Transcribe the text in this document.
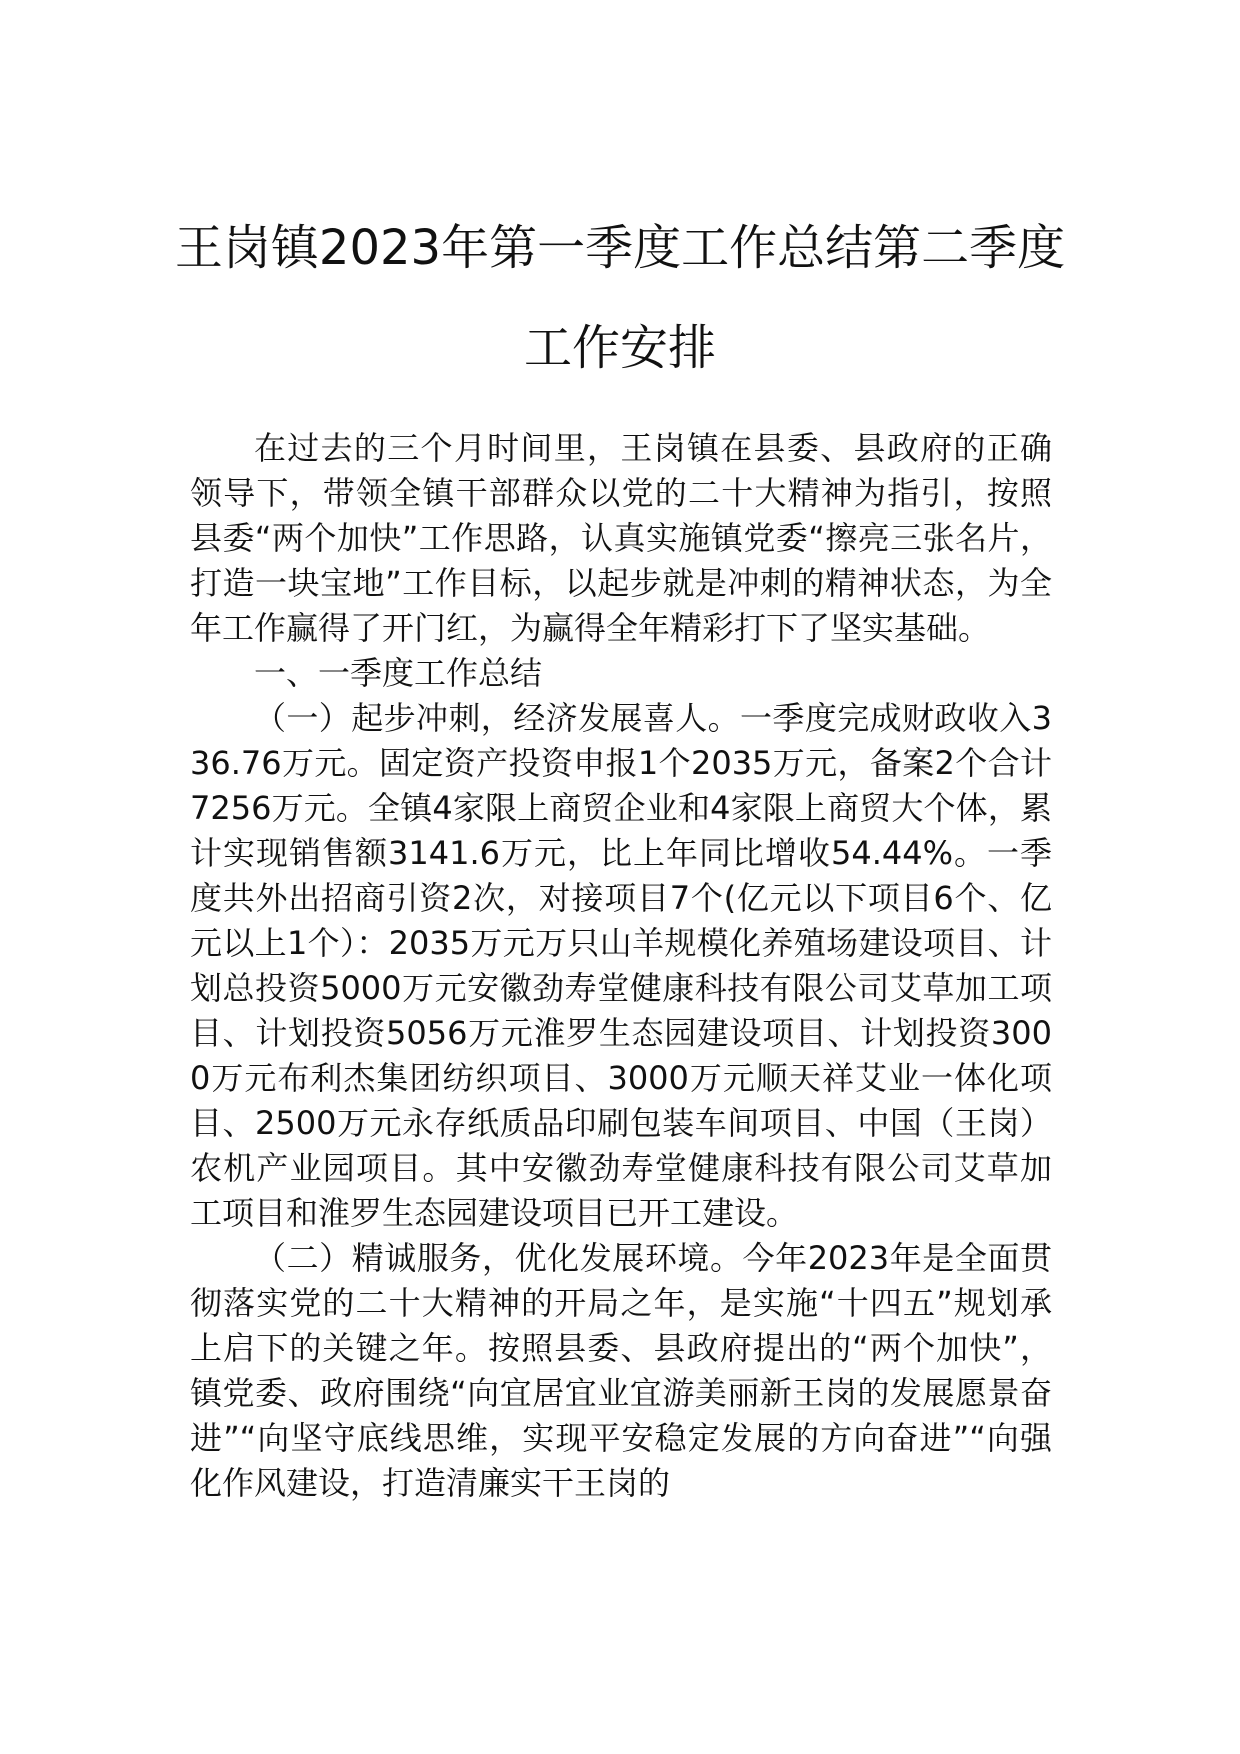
王岗镇2023年第一季度工作总结第二季度
工作安排

在过去的三个月时间里，王岗镇在县委、县政府的正确领导下，带领全镇干部群众以党的二十大精神为指引，按照县委“两个加快”工作思路，认真实施镇党委“擦亮三张名片，打造一块宝地”工作目标，以起步就是冲刺的精神状态，为全年工作赢得了开门红，为赢得全年精彩打下了坚实基础。

一、一季度工作总结

（一）起步冲刺，经济发展喜人。一季度完成财政收入336.76万元。固定资产投资申报1个2035万元，备案2个合计7256万元。全镇4家限上商贸企业和4家限上商贸大个体，累计实现销售额3141.6万元，比上年同比增收54.44%。一季度共外出招商引资2次，对接项目7个(亿元以下项目6个、亿元以上1个）：2035万元万只山羊规模化养殖场建设项目、计划总投资5000万元安徽劲寿堂健康科技有限公司艾草加工项目、计划投资5056万元淮罗生态园建设项目、计划投资3000万元布利杰集团纺织项目、3000万元顺天祥艾业一体化项目、2500万元永存纸质品印刷包装车间项目、中国（王岗）农机产业园项目。其中安徽劲寿堂健康科技有限公司艾草加工项目和淮罗生态园建设项目已开工建设。

（二）精诚服务，优化发展环境。今年2023年是全面贯彻落实党的二十大精神的开局之年，是实施“十四五”规划承上启下的关键之年。按照县委、县政府提出的“两个加快”，镇党委、政府围绕“向宜居宜业宜游美丽新王岗的发展愿景奋进”“向坚守底线思维，实现平安稳定发展的方向奋进”“向强化作风建设，打造清廉实干王岗的
